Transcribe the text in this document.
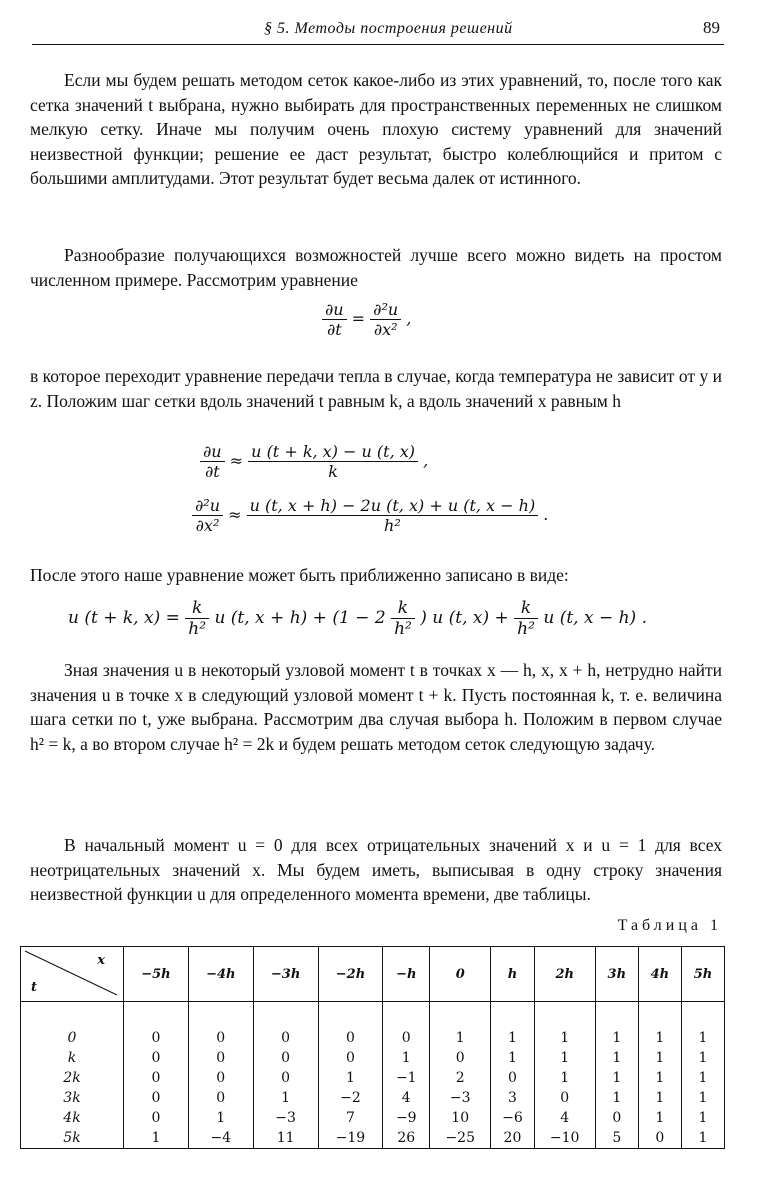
§ 5. Методы построения решений	89
Если мы будем решать методом сеток какое-либо из этих уравнений, то, после того как сетка значений t выбрана, нужно выбирать для пространственных переменных не слишком мелкую сетку. Иначе мы получим очень плохую систему уравнений для значений неизвестной функции; решение ее даст результат, быстро колеблющийся и притом с большими амплитудами. Этот результат будет весьма далек от истинного.
Разнообразие получающихся возможностей лучше всего можно видеть на простом численном примере. Рассмотрим уравнение
$\frac{\partial u}{\partial t} = \frac{\text{∂²u}}{\text{∂x²}}$ ,
в которое переходит уравнение передачи тепла в случае, когда температура не зависит от y и z. Положим шаг сетки вдоль значений t равным k, а вдоль значений x равным h
$\frac{\partial u}{\partial t} \approx \frac{u (t + k, x) - u (t, x)}{k}$ ,
$\frac{\text{∂²u}}{\text{∂x²}} \approx \frac{u (t, x + h) - 2u (t, x) + u (t, x - h)}{\text{h²}}$ .
После этого наше уравнение может быть приближенно записано в виде:
u (t + k, $x) = \frac{k}{\text{h²}}$ u (t, $x + h) + (1 - 2 \frac{k}{\text{h²}}$ ) u (t, $x) + \frac{k}{\text{h²}}$ u (t, x − h) .
Зная значения u в некоторый узловой момент t в точках x — h, x, x + h, нетрудно найти значения u в точке x в следующий узловой момент t + k. Пусть постоянная k, т. е. величина шага сетки по t, уже выбрана. Рассмотрим два случая выбора h. Положим в первом случае h² = k, а во втором случае h² = 2k и будем решать методом сеток следующую задачу.
В начальный момент u = 0 для всех отрицательных значений x и u = 1 для всех неотрицательных значений x. Мы будем иметь, выписывая в одну строку значения неизвестной функции u для определенного момента времени, две таблицы.
Таблица 1
x
t	−5h	−4h	−3h	−2h	−h	0	h	2h	3h	4h	5h
0	0	0	0	0	0	1	1	1	1	1	1
k	0	0	0	0	1	0	1	1	1	1	1
2k	0	0	0	1	−1	2	0	1	1	1	1
3k	0	0	1	−2	4	−3	3	0	1	1	1
4k	0	1	−3	7	−9	10	−6	4	0	1	1
5k	1	−4	11	−19	26	−25	20	−10	5	0	1
